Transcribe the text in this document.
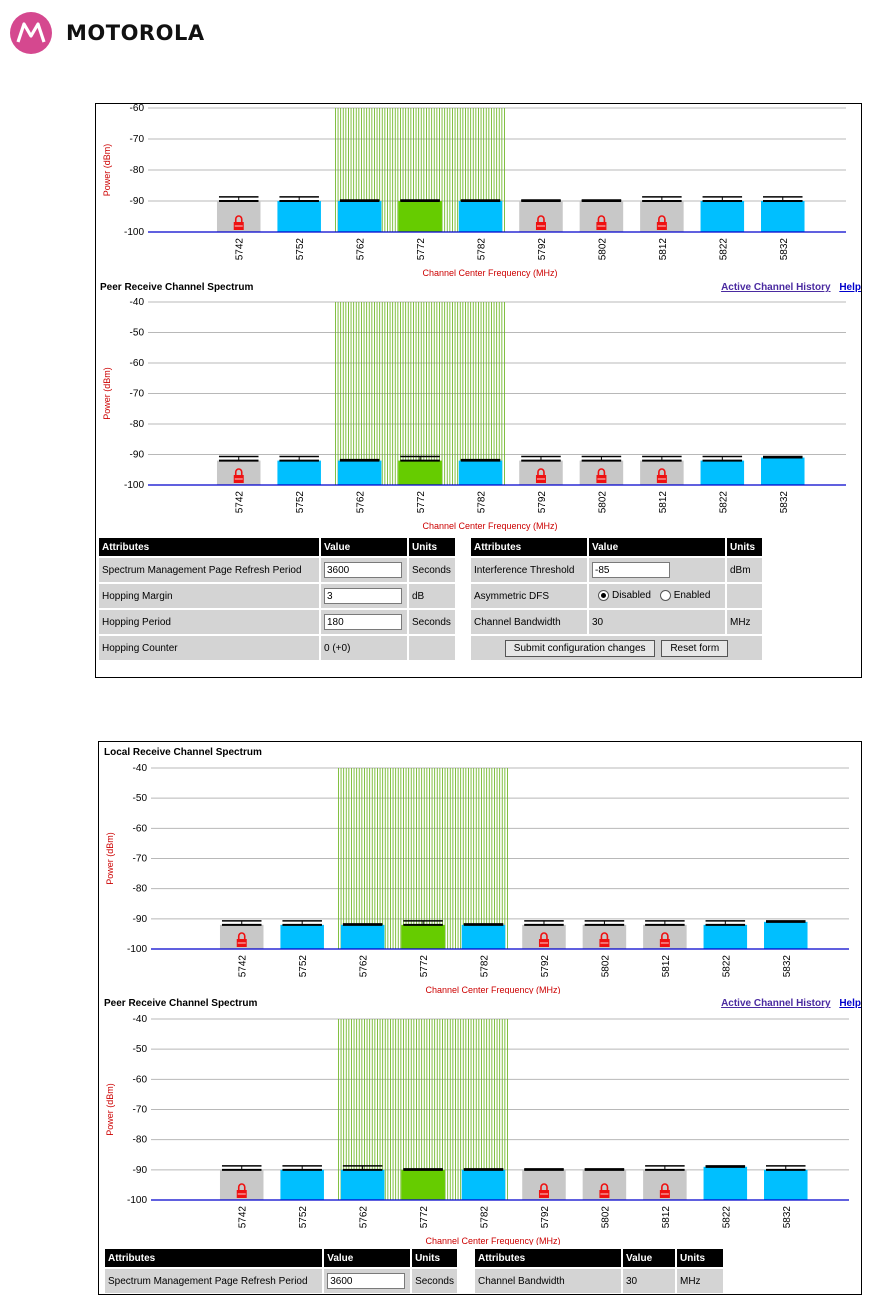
MOTOROLA
-60
-70
-80
-90
-100
5742	5752	5762	5772	5782	5792	5802	5812	5822	5832
Power (dBm)
Channel Center Frequency (MHz)
Peer Receive Channel Spectrum	Active Channel History Help
-40
-50
-60
-70
-80
-90
-100
5742	5752	5762	5772	5782	5792	5802	5812	5822	5832
Power (dBm)
Channel Center Frequency (MHz)
Attributes	Value	Units
Spectrum Management Page Refresh Period	3600	Seconds
Hopping Margin	3	dB
Hopping Period	180	Seconds
Hopping Counter	0 (+0)	
Attributes	Value	Units
Interference Threshold	-85	dBm
Asymmetric DFS	Disabled Enabled	
Channel Bandwidth	30	MHz
Submit configuration changes Reset form		
Local Receive Channel Spectrum
-40
-50
-60
-70
-80
-90
-100
5742	5752	5762	5772	5782	5792	5802	5812	5822	5832
Power (dBm)
Channel Center Frequency (MHz)
Peer Receive Channel Spectrum	Active Channel History Help
-40
-50
-60
-70
-80
-90
-100
5742	5752	5762	5772	5782	5792	5802	5812	5822	5832
Power (dBm)
Channel Center Frequency (MHz)
Attributes	Value	Units
Spectrum Management Page Refresh Period	3600	Seconds
Attributes	Value	Units
Channel Bandwidth	30	MHz
